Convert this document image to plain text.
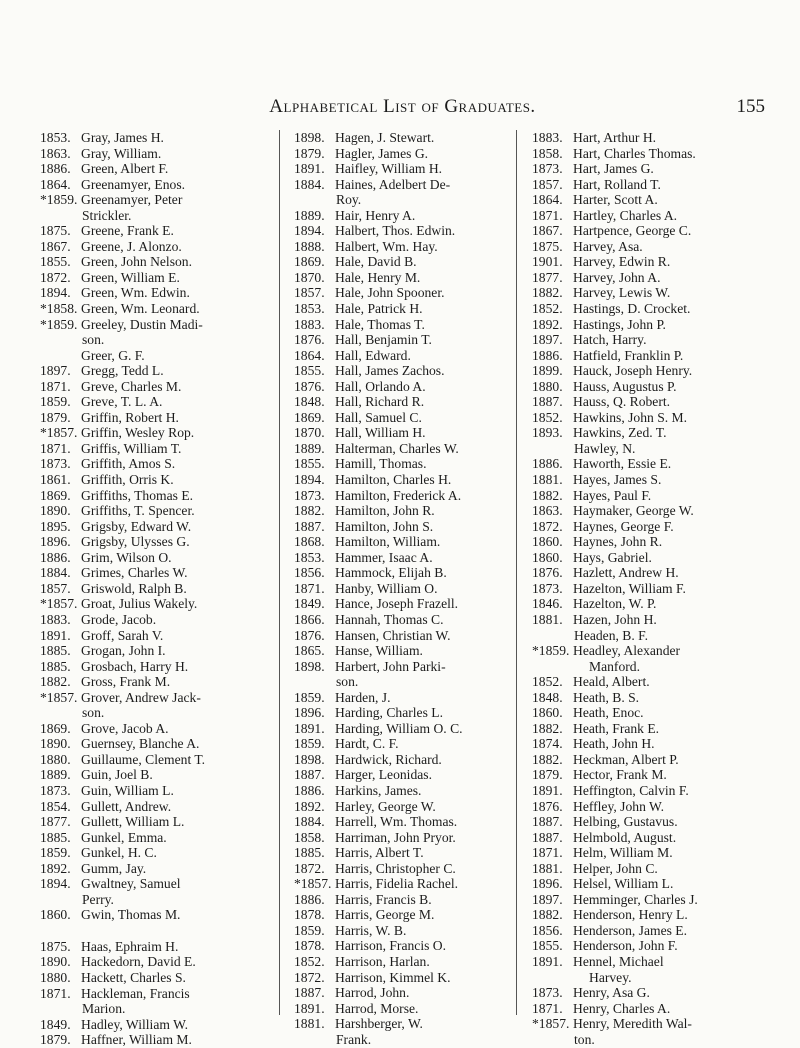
Alphabetical List of Graduates.	155
1853. Gray, James H.
1863. Gray, William.
1886. Green, Albert F.
1864. Greenamyer, Enos.
*1859. Greenamyer, Peter
Strickler.
1875. Greene, Frank E.
1867. Greene, J. Alonzo.
1855. Green, John Nelson.
1872. Green, William E.
1894. Green, Wm. Edwin.
*1858. Green, Wm. Leonard.
*1859. Greeley, Dustin Madi-
son.
Greer, G. F.
1897. Gregg, Tedd L.
1871. Greve, Charles M.
1859. Greve, T. L. A.
1879. Griffin, Robert H.
*1857. Griffin, Wesley Rop.
1871. Griffis, William T.
1873. Griffith, Amos S.
1861. Griffith, Orris K.
1869. Griffiths, Thomas E.
1890. Griffiths, T. Spencer.
1895. Grigsby, Edward W.
1896. Grigsby, Ulysses G.
1886. Grim, Wilson O.
1884. Grimes, Charles W.
1857. Griswold, Ralph B.
*1857. Groat, Julius Wakely.
1883. Grode, Jacob.
1891. Groff, Sarah V.
1885. Grogan, John I.
1885. Grosbach, Harry H.
1882. Gross, Frank M.
*1857. Grover, Andrew Jack-
son.
1869. Grove, Jacob A.
1890. Guernsey, Blanche A.
1880. Guillaume, Clement T.
1889. Guin, Joel B.
1873. Guin, William L.
1854. Gullett, Andrew.
1877. Gullett, William L.
1885. Gunkel, Emma.
1859. Gunkel, H. C.
1892. Gumm, Jay.
1894. Gwaltney, Samuel
Perry.
1860. Gwin, Thomas M.
1875. Haas, Ephraim H.
1890. Hackedorn, David E.
1880. Hackett, Charles S.
1871. Hackleman, Francis
Marion.
1849. Hadley, William W.
1879. Haffner, William M.
1898. Hagen, J. Stewart.
1879. Hagler, James G.
1891. Haifley, William H.
1884. Haines, Adelbert De-
Roy.
1889. Hair, Henry A.
1894. Halbert, Thos. Edwin.
1888. Halbert, Wm. Hay.
1869. Hale, David B.
1870. Hale, Henry M.
1857. Hale, John Spooner.
1853. Hale, Patrick H.
1883. Hale, Thomas T.
1876. Hall, Benjamin T.
1864. Hall, Edward.
1855. Hall, James Zachos.
1876. Hall, Orlando A.
1848. Hall, Richard R.
1869. Hall, Samuel C.
1870. Hall, William H.
1889. Halterman, Charles W.
1855. Hamill, Thomas.
1894. Hamilton, Charles H.
1873. Hamilton, Frederick A.
1882. Hamilton, John R.
1887. Hamilton, John S.
1868. Hamilton, William.
1853. Hammer, Isaac A.
1856. Hammock, Elijah B.
1871. Hanby, William O.
1849. Hance, Joseph Frazell.
1866. Hannah, Thomas C.
1876. Hansen, Christian W.
1865. Hanse, William.
1898. Harbert, John Parki-
son.
1859. Harden, J.
1896. Harding, Charles L.
1891. Harding, William O. C.
1859. Hardt, C. F.
1898. Hardwick, Richard.
1887. Harger, Leonidas.
1886. Harkins, James.
1892. Harley, George W.
1884. Harrell, Wm. Thomas.
1858. Harriman, John Pryor.
1885. Harris, Albert T.
1872. Harris, Christopher C.
*1857. Harris, Fidelia Rachel.
1886. Harris, Francis B.
1878. Harris, George M.
1859. Harris, W. B.
1878. Harrison, Francis O.
1852. Harrison, Harlan.
1872. Harrison, Kimmel K.
1887. Harrod, John.
1891. Harrod, Morse.
1881. Harshberger, W.
Frank.
1883. Hart, Arthur H.
1858. Hart, Charles Thomas.
1873. Hart, James G.
1857. Hart, Rolland T.
1864. Harter, Scott A.
1871. Hartley, Charles A.
1867. Hartpence, George C.
1875. Harvey, Asa.
1901. Harvey, Edwin R.
1877. Harvey, John A.
1882. Harvey, Lewis W.
1852. Hastings, D. Crocket.
1892. Hastings, John P.
1897. Hatch, Harry.
1886. Hatfield, Franklin P.
1899. Hauck, Joseph Henry.
1880. Hauss, Augustus P.
1887. Hauss, Q. Robert.
1852. Hawkins, John S. M.
1893. Hawkins, Zed. T.
Hawley, N.
1886. Haworth, Essie E.
1881. Hayes, James S.
1882. Hayes, Paul F.
1863. Haymaker, George W.
1872. Haynes, George F.
1860. Haynes, John R.
1860. Hays, Gabriel.
1876. Hazlett, Andrew H.
1873. Hazelton, William F.
1846. Hazelton, W. P.
1881. Hazen, John H.
Headen, B. F.
*1859. Headley, Alexander
Manford.
1852. Heald, Albert.
1848. Heath, B. S.
1860. Heath, Enoc.
1882. Heath, Frank E.
1874. Heath, John H.
1882. Heckman, Albert P.
1879. Hector, Frank M.
1891. Heffington, Calvin F.
1876. Heffley, John W.
1887. Helbing, Gustavus.
1887. Helmbold, August.
1871. Helm, William M.
1881. Helper, John C.
1896. Helsel, William L.
1897. Hemminger, Charles J.
1882. Henderson, Henry L.
1856. Henderson, James E.
1855. Henderson, John F.
1891. Hennel, Michael
Harvey.
1873. Henry, Asa G.
1871. Henry, Charles A.
*1857. Henry, Meredith Wal-
ton.
